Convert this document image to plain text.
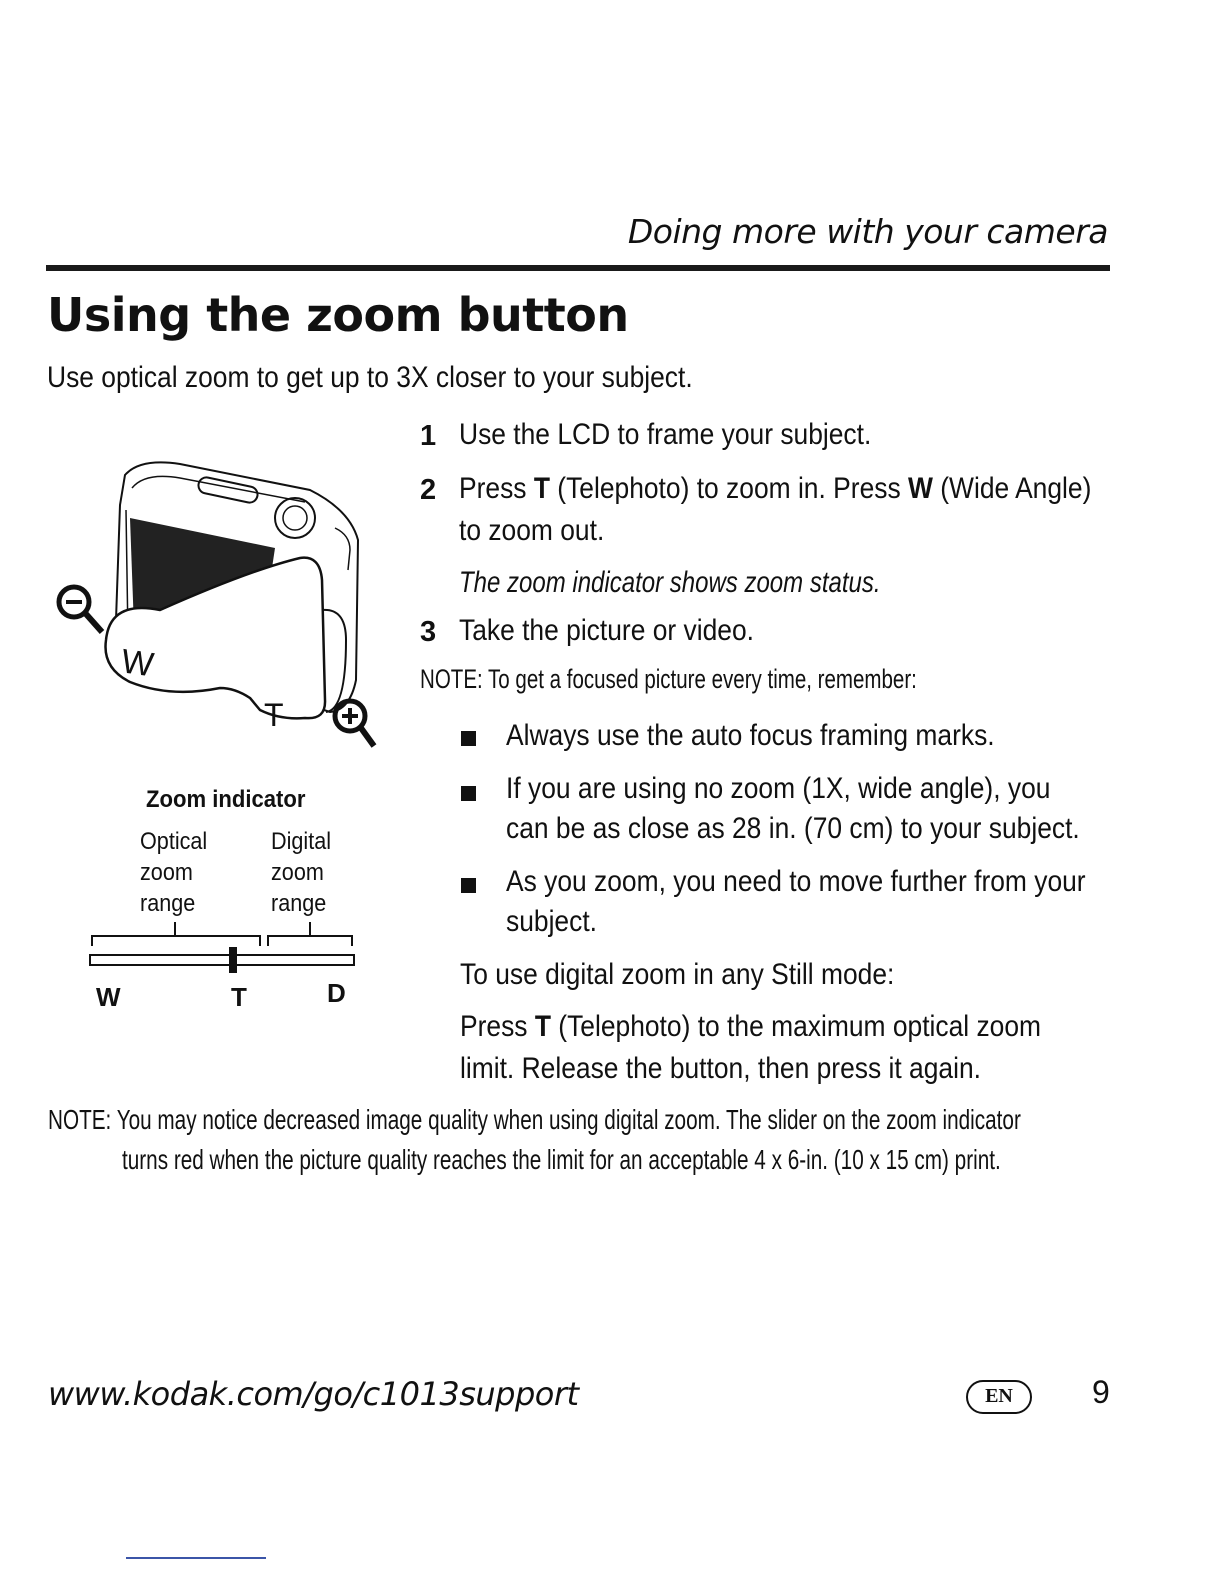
Doing more with your camera
Using the zoom button
Use optical zoom to get up to 3X closer to your subject.
W
T
Zoom indicator
Optical
zoom
range
Digital
zoom
range
W	T	D
1 Use the LCD to frame your subject.
2 Press T (Telephoto) to zoom in. Press W (Wide Angle)
to zoom out.
The zoom indicator shows zoom status.
3 Take the picture or video.
NOTE: To get a focused picture every time, remember:
Always use the auto focus framing marks.
If you are using no zoom (1X, wide angle), you
can be as close as 28 in. (70 cm) to your subject.
As you zoom, you need to move further from your
subject.
To use digital zoom in any Still mode:
Press T (Telephoto) to the maximum optical zoom
limit. Release the button, then press it again.
NOTE: You may notice decreased image quality when using digital zoom. The slider on the zoom indicator
turns red when the picture quality reaches the limit for an acceptable 4 x 6-in. (10 x 15 cm) print.
www.kodak.com/go/c1013support	EN	9
